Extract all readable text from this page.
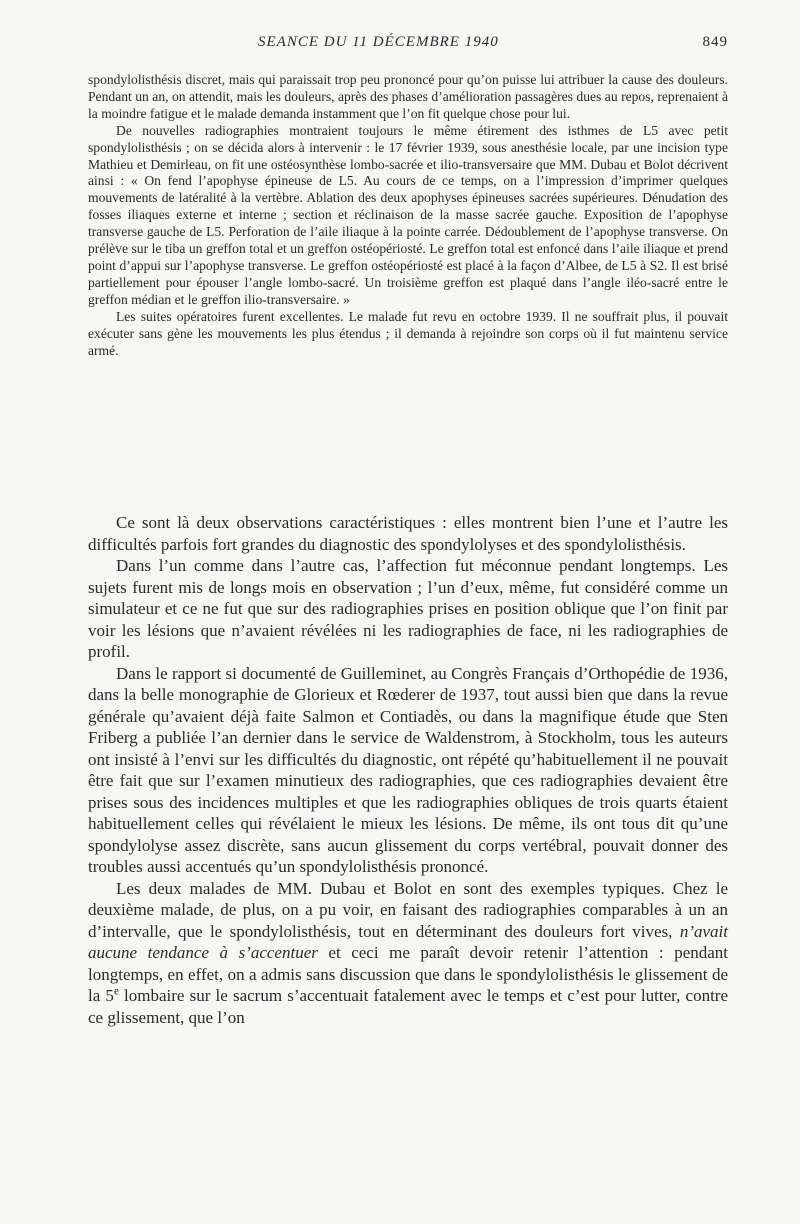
SEANCE DU 11 DÉCEMBRE 1940	849

spondylolisthésis discret, mais qui paraissait trop peu prononcé pour qu’on puisse lui attribuer la cause des douleurs. Pendant un an, on attendit, mais les douleurs, après des phases d’amélioration passagères dues au repos, reprenaient à la moindre fatigue et le malade demanda instamment que l’on fit quelque chose pour lui.

De nouvelles radiographies montraient toujours le même étirement des isthmes de L5 avec petit spondylolisthésis ; on se décida alors à intervenir : le 17 février 1939, sous anesthésie locale, par une incision type Mathieu et Demirleau, on fit une ostéosynthèse lombo-sacrée et ilio-transversaire que MM. Dubau et Bolot décrivent ainsi : « On fend l’apophyse épineuse de L5. Au cours de ce temps, on a l’impression d’imprimer quelques mouvements de latéralité à la vertèbre. Ablation des deux apophyses épineuses sacrées supérieures. Dénudation des fosses iliaques externe et interne ; section et réclinaison de la masse sacrée gauche. Exposition de l’apophyse transverse gauche de L5. Perforation de l’aile iliaque à la pointe carrée. Dédoublement de l’apophyse transverse. On prélève sur le tiba un greffon total et un greffon ostéopériosté. Le greffon total est enfoncé dans l’aile iliaque et prend point d’appui sur l’apophyse transverse. Le greffon ostéopériosté est placé à la façon d’Albee, de L5 à S2. Il est brisé partiellement pour épouser l’angle lombo-sacré. Un troisième greffon est plaqué dans l’angle iléo-sacré entre le greffon médian et le greffon ilio-transversaire. »

Les suites opératoires furent excellentes. Le malade fut revu en octobre 1939. Il ne souffrait plus, il pouvait exécuter sans gène les mouvements les plus étendus ; il demanda à rejoindre son corps où il fut maintenu service armé.

Ce sont là deux observations caractéristiques : elles montrent bien l’une et l’autre les difficultés parfois fort grandes du diagnostic des spondylolyses et des spondylolisthésis.

Dans l’un comme dans l’autre cas, l’affection fut méconnue pendant longtemps. Les sujets furent mis de longs mois en observation ; l’un d’eux, même, fut considéré comme un simulateur et ce ne fut que sur des radiographies prises en position oblique que l’on finit par voir les lésions que n’avaient révélées ni les radiographies de face, ni les radiographies de profil.

Dans le rapport si documenté de Guilleminet, au Congrès Français d’Orthopédie de 1936, dans la belle monographie de Glorieux et Rœderer de 1937, tout aussi bien que dans la revue générale qu’avaient déjà faite Salmon et Contiadès, ou dans la magnifique étude que Sten Friberg a publiée l’an dernier dans le service de Waldenstrom, à Stockholm, tous les auteurs ont insisté à l’envi sur les difficultés du diagnostic, ont répété qu’habituellement il ne pouvait être fait que sur l’examen minutieux des radiographies, que ces radiographies devaient être prises sous des incidences multiples et que les radiographies obliques de trois quarts étaient habituellement celles qui révélaient le mieux les lésions. De même, ils ont tous dit qu’une spondylolyse assez discrète, sans aucun glissement du corps vertébral, pouvait donner des troubles aussi accentués qu’un spondylolisthésis prononcé.

Les deux malades de MM. Dubau et Bolot en sont des exemples typiques. Chez le deuxième malade, de plus, on a pu voir, en faisant des radiographies comparables à un an d’intervalle, que le spondylolisthésis, tout en déterminant des douleurs fort vives, n’avait aucune tendance à s’accentuer et ceci me paraît devoir retenir l’attention : pendant longtemps, en effet, on a admis sans discussion que dans le spondylolisthésis le glissement de la 5e lombaire sur le sacrum s’accentuait fatalement avec le temps et c’est pour lutter, contre ce glissement, que l’on
